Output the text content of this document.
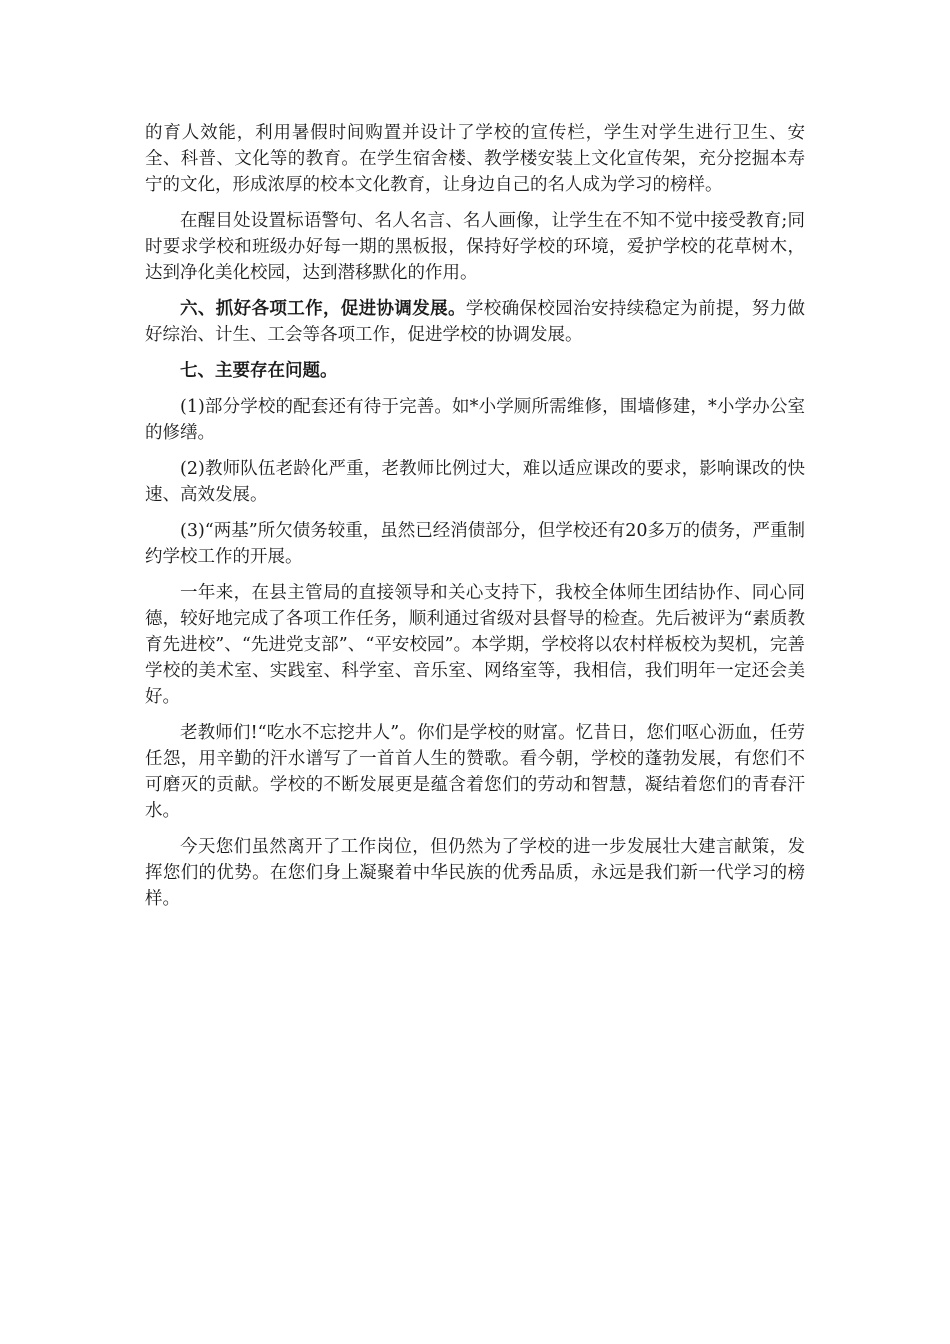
的育人效能，利用暑假时间购置并设计了学校的宣传栏，学生对学生进行卫生、安全、科普、文化等的教育。在学生宿舍楼、教学楼安装上文化宣传架，充分挖掘本寿宁的文化，形成浓厚的校本文化教育，让身边自己的名人成为学习的榜样。

在醒目处设置标语警句、名人名言、名人画像，让学生在不知不觉中接受教育;同时要求学校和班级办好每一期的黑板报，保持好学校的环境，爱护学校的花草树木，达到净化美化校园，达到潜移默化的作用。

六、抓好各项工作，促进协调发展。学校确保校园治安持续稳定为前提，努力做好综治、计生、工会等各项工作，促进学校的协调发展。

七、主要存在问题。

(1)部分学校的配套还有待于完善。如*小学厕所需维修，围墙修建，*小学办公室的修缮。

(2)教师队伍老龄化严重，老教师比例过大，难以适应课改的要求，影响课改的快速、高效发展。

(3)“两基”所欠债务较重，虽然已经消债部分，但学校还有20多万的债务，严重制约学校工作的开展。

一年来，在县主管局的直接领导和关心支持下，我校全体师生团结协作、同心同德，较好地完成了各项工作任务，顺利通过省级对县督导的检查。先后被评为“素质教育先进校”、“先进党支部”、“平安校园”。本学期，学校将以农村样板校为契机，完善学校的美术室、实践室、科学室、音乐室、网络室等，我相信，我们明年一定还会美好。

老教师们!“吃水不忘挖井人”。你们是学校的财富。忆昔日，您们呕心沥血，任劳任怨，用辛勤的汗水谱写了一首首人生的赞歌。看今朝，学校的蓬勃发展，有您们不可磨灭的贡献。学校的不断发展更是蕴含着您们的劳动和智慧，凝结着您们的青春汗水。

今天您们虽然离开了工作岗位，但仍然为了学校的进一步发展壮大建言献策，发挥您们的优势。在您们身上凝聚着中华民族的优秀品质，永远是我们新一代学习的榜样。
